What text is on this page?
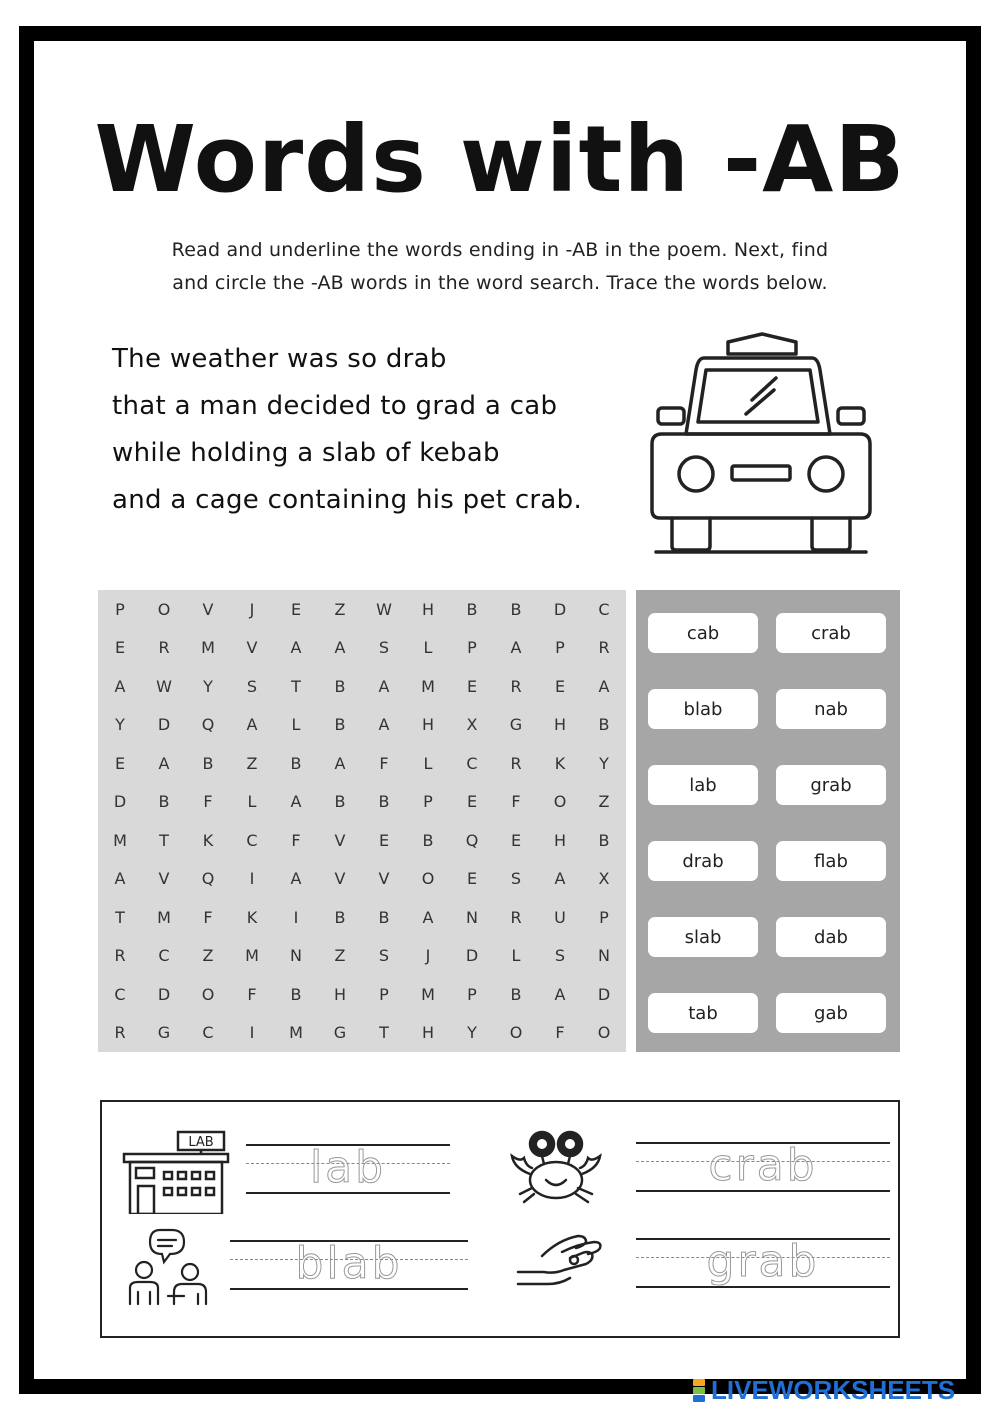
Words with -AB
Read and underline the words ending in -AB in the poem. Next, find
and circle the -AB words in the word search. Trace the words below.
The weather was so drab
that a man decided to grad a cab
while holding a slab of kebab
and a cage containing his pet crab.
P	O	V	J	E	Z	W	H	B	B	D	C
E	R	M	V	A	A	S	L	P	A	P	R
A	W	Y	S	T	B	A	M	E	R	E	A
Y	D	Q	A	L	B	A	H	X	G	H	B
E	A	B	Z	B	A	F	L	C	R	K	Y
D	B	F	L	A	B	B	P	E	F	O	Z
M	T	K	C	F	V	E	B	Q	E	H	B
A	V	Q	I	A	V	V	O	E	S	A	X
T	M	F	K	I	B	B	A	N	R	U	P
R	C	Z	M	N	Z	S	J	D	L	S	N
C	D	O	F	B	H	P	M	P	B	A	D
R	G	C	I	M	G	T	H	Y	O	F	O
cab	crab
blab	nab
lab	grab
drab	flab
slab	dab
tab	gab
LAB	lab	crab
blab	grab
LIVEWORKSHEETS
